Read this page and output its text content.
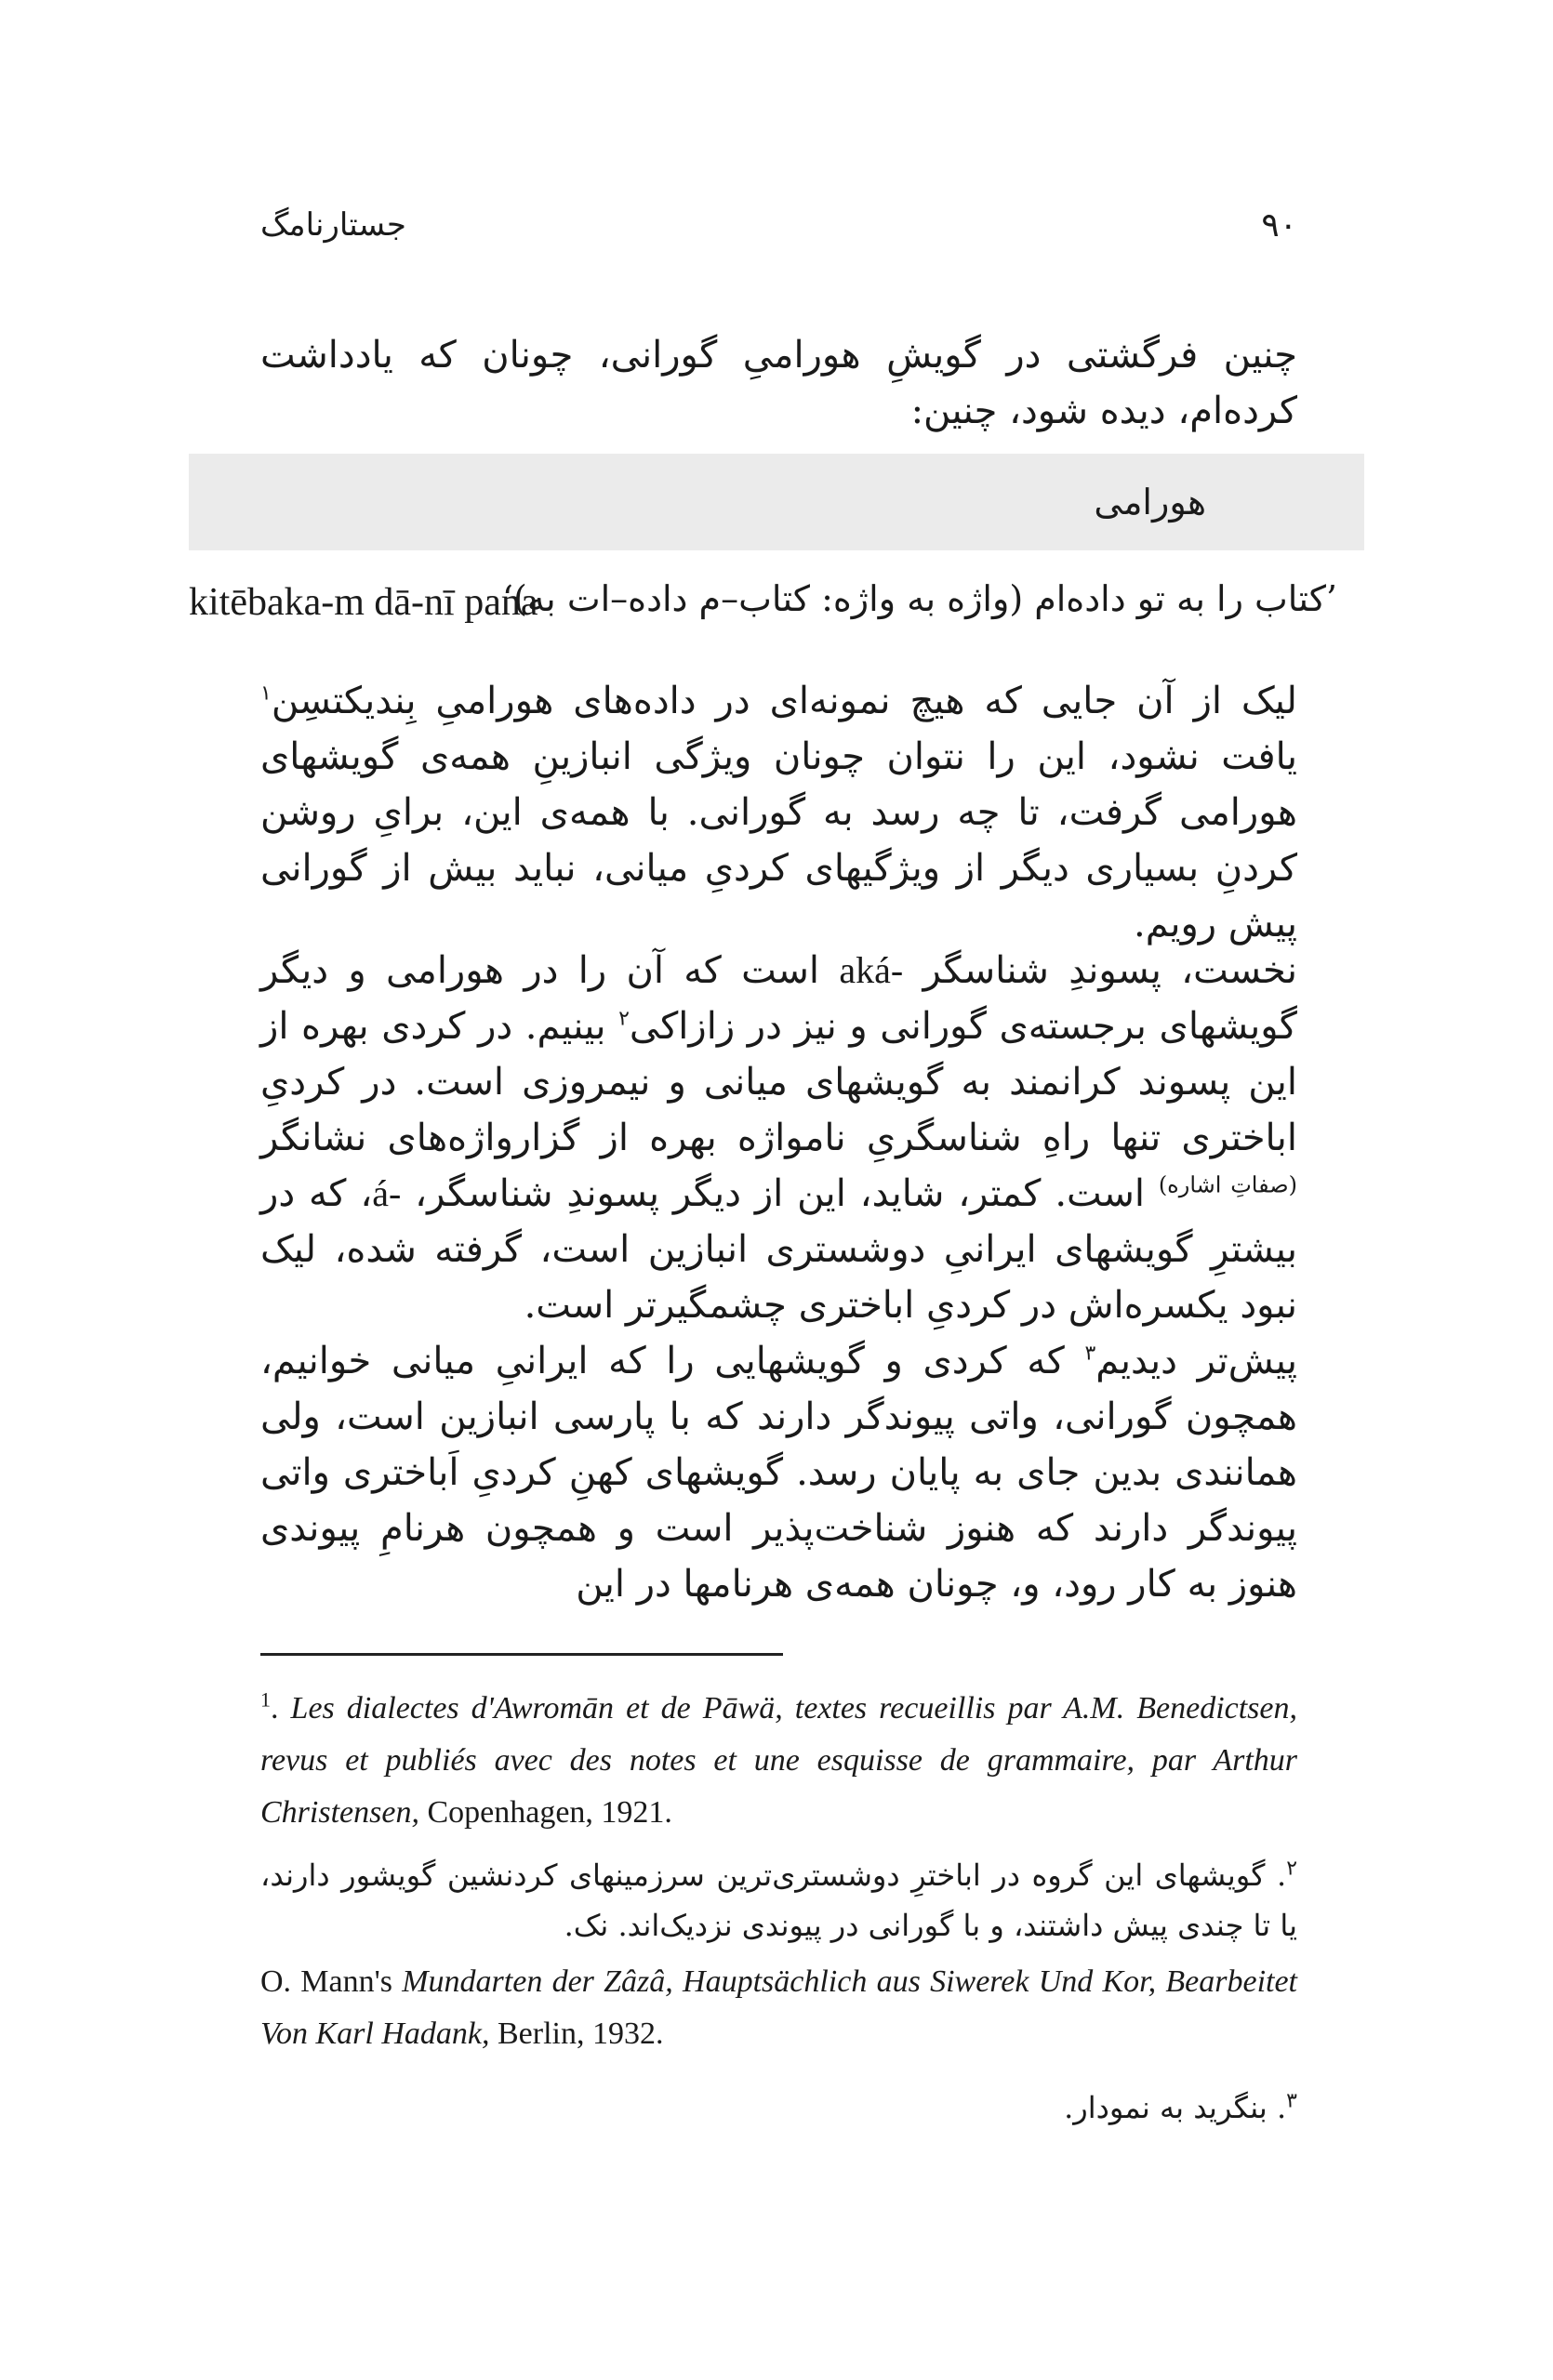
جستارنامگ	۹۰
چنین فرگشتی در گویشِ هورامیِ گورانی، چونان که یادداشت کرده‌ام، دیده شود، چنین:
هورامی
kitēbaka-m dā-nī pana
’کتاب را به تو داده‌ام (واژه به واژه: کتاب–م داده–ات به)‘
لیک از آن جایی که هیچ نمونه‌ای در داده‌های هورامیِ بِندیکتسِن$^۱$ یافت نشود، این را نتوان چونان ویژگی انبازینِ همه‌ی گویشهای هورامی گرفت، تا چه رسد به گورانی. با همه‌ی این، برایِ روشن کردنِ بسیاری دیگر از ویژگیهای کردیِ میانی، نباید بیش از گورانی پیش رویم.
نخست، پسوندِ شناسگر aká- است که آن را در هورامی و دیگر گویشهای برجسته‌ی گورانی و نیز در زازاکی$^۲$ بینیم. در کردی بهره از این پسوند کرانمند به گویشهای میانی و نیمروزی است. در کردیِ اباختری تنها راهِ شناسگریِ نامواژه بهره از گزارواژه‌های نشانگر $^{(صفاتِ اشاره)}$ است. کمتر، شاید، این از دیگر پسوندِ شناسگر، á-، که در بیشترِ گویشهای ایرانیِ دوشستری انبازین است، گرفته شده، لیک نبود یکسره‌اش در کردیِ اباختری چشمگیرتر است.
پیش‌تر دیدیم$^۳$ که کردی و گویشهایی را که ایرانیِ میانی خوانیم، همچون گورانی، واتی پیوندگر دارند که با پارسی انبازین است، ولی همانندی بدین جای به پایان رسد. گویشهای کهنِ کردیِ اَباختری واتی پیوندگر دارند که هنوز شناخت‌پذیر است و همچون هرنامِ پیوندی هنوز به کار رود، و، چونان همه‌ی هرنامها در این
$^1$. Les dialectes d'Awromān et de Pāwä, textes recueillis par A.M. Benedictsen, revus et publiés avec des notes et une esquisse de grammaire, par Arthur Christensen, Copenhagen, 1921.
$^۲$. گویشهای این گروه در اباخترِ دوشستری‌ترین سرزمینهای کردنشین گویشور دارند، یا تا چندی پیش داشتند، و با گورانی در پیوندی نزدیک‌اند. نک.
O. Mann's Mundarten der Zâzâ, Hauptsächlich aus Siwerek Und Kor, Bearbeitet Von Karl Hadank, Berlin, 1932.
$^۳$. بنگرید به نمودار.
